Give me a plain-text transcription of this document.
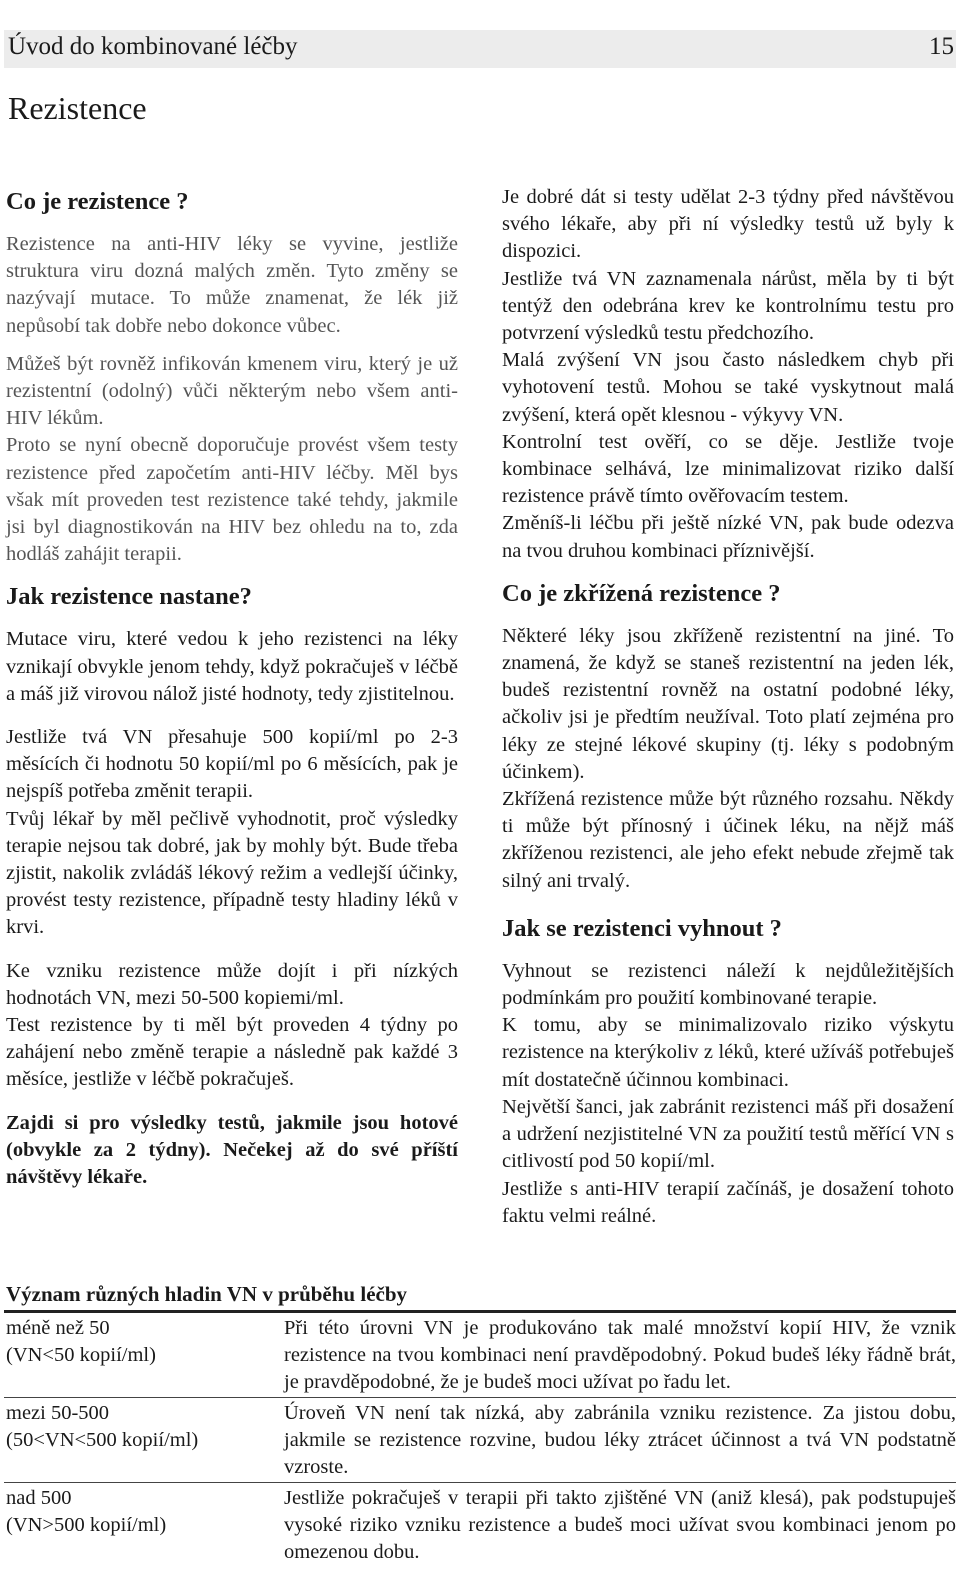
Úvod do kombinované léčby	15
Rezistence
Co je rezistence ?

Rezistence na anti-HIV léky se vyvine, jestliže struktura viru dozná malých změn. Tyto změny se nazývají mutace. To může znamenat, že lék již nepůsobí tak dobře nebo dokonce vůbec.

Můžeš být rovněž infikován kmenem viru, který je už rezistentní (odolný) vůči některým nebo všem anti-HIV lékům.

Proto se nyní obecně doporučuje provést všem testy rezistence před započetím anti-HIV léčby. Měl bys však mít proveden test rezistence také tehdy, jakmile jsi byl diagnostikován na HIV bez ohledu na to, zda hodláš zahájit terapii.

Jak rezistence nastane?

Mutace viru, které vedou k jeho rezistenci na léky vznikají obvykle jenom tehdy, když pokračuješ v léčbě a máš již virovou nálož jisté hodnoty, tedy zjistitelnou.

Jestliže tvá VN přesahuje 500 kopií/ml po 2-3 měsících či hodnotu 50 kopií/ml po 6 měsících, pak je nejspíš potřeba změnit terapii.

Tvůj lékař by měl pečlivě vyhodnotit, proč výsledky terapie nejsou tak dobré, jak by mohly být. Bude třeba zjistit, nakolik zvládáš lékový režim a vedlejší účinky, provést testy rezistence, případně testy hladiny léků v krvi.

Ke vzniku rezistence může dojít i při nízkých hodnotách VN, mezi 50-500 kopiemi/ml.

Test rezistence by ti měl být proveden 4 týdny po zahájení nebo změně terapie a následně pak každé 3 měsíce, jestliže v léčbě pokračuješ.

Zajdi si pro výsledky testů, jakmile jsou hotové (obvykle za 2 týdny). Nečekej až do své příští návštěvy lékaře.

Je dobré dát si testy udělat 2-3 týdny před návštěvou svého lékaře, aby při ní výsledky testů už byly k dispozici.

Jestliže tvá VN zaznamenala nárůst, měla by ti být tentýž den odebrána krev ke kontrolnímu testu pro potvrzení výsledků testu předchozího.

Malá zvýšení VN jsou často následkem chyb při vyhotovení testů. Mohou se také vyskytnout malá zvýšení, která opět klesnou - výkyvy VN.

Kontrolní test ověří, co se děje. Jestliže tvoje kombinace selhává, lze minimalizovat riziko další rezistence právě tímto ověřovacím testem.

Změníš-li léčbu při ještě nízké VN, pak bude odezva na tvou druhou kombinaci příznivější.

Co je zkřížená rezistence ?

Některé léky jsou zkříženě rezistentní na jiné. To znamená, že když se staneš rezistentní na jeden lék, budeš rezistentní rovněž na ostatní podobné léky, ačkoliv jsi je předtím neužíval. Toto platí zejména pro léky ze stejné lékové skupiny (tj. léky s podobným účinkem).

Zkřížená rezistence může být různého rozsahu. Někdy ti může být přínosný i účinek léku, na nějž máš zkříženou rezistenci, ale jeho efekt nebude zřejmě tak silný ani trvalý.

Jak se rezistenci vyhnout ?

Vyhnout se rezistenci náleží k nejdůležitějších podmínkám pro použití kombinované terapie.

K tomu, aby se minimalizovalo riziko výskytu rezistence na kterýkoliv z léků, které užíváš potřebuješ mít dostatečně účinnou kombinaci.

Největší šanci, jak zabránit rezistenci máš při dosažení a udržení nezjistitelné VN za použití testů měřící VN s citlivostí pod 50 kopií/ml.

Jestliže s anti-HIV terapií začínáš, je dosažení tohoto faktu velmi reálné.

Význam různých hladin VN v průběhu léčby
méně než 50
(VN<50 kopií/ml)
Při této úrovni VN je produkováno tak malé množství kopií HIV, že vznik rezistence na tvou kombinaci není pravděpodobný. Pokud budeš léky řádně brát, je pravděpodobné, že je budeš moci užívat po řadu let.
mezi 50-500
(50<VN<500 kopií/ml)
Úroveň VN není tak nízká, aby zabránila vzniku rezistence. Za jistou dobu, jakmile se rezistence rozvine, budou léky ztrácet účinnost a tvá VN podstatně vzroste.
nad 500
(VN>500 kopií/ml)
Jestliže pokračuješ v terapii při takto zjištěné VN (aniž klesá), pak podstupuješ vysoké riziko vzniku rezistence a budeš moci užívat svou kombinaci jenom po omezenou dobu.
